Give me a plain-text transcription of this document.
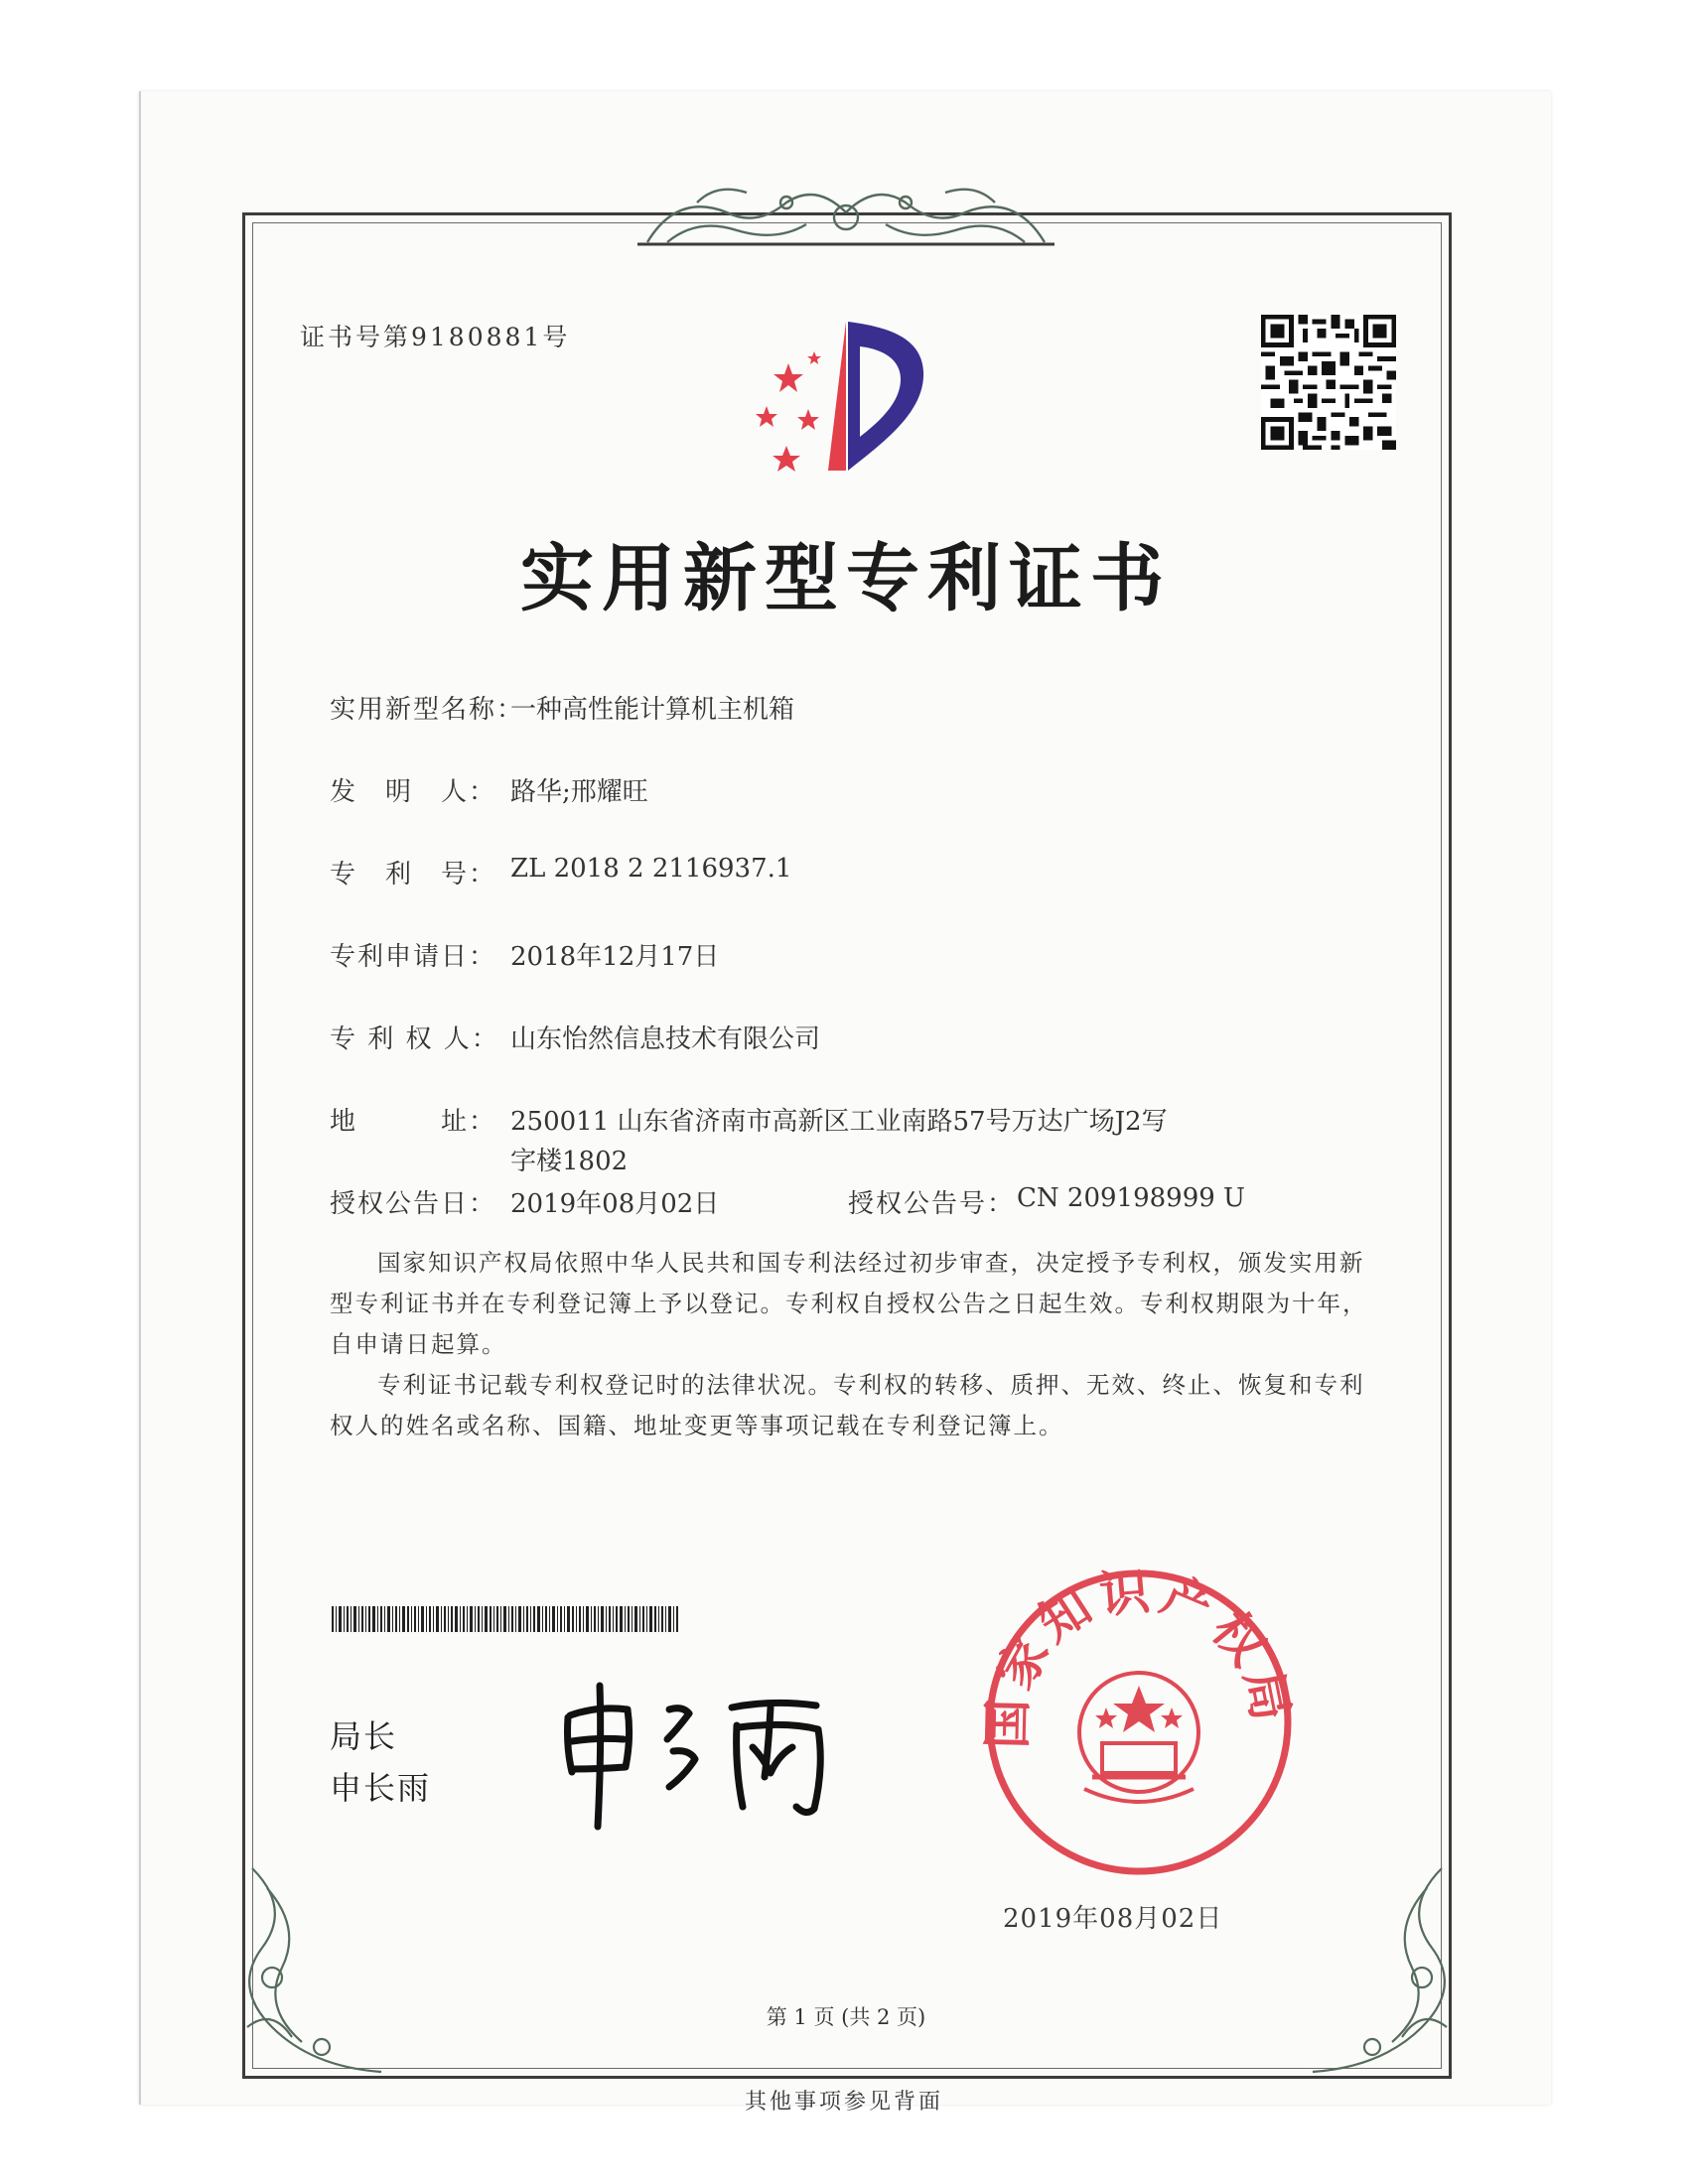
证书号第9180881号
实用新型专利证书
实用新型名称：
一种高性能计算机主机箱
发　明　人： 路华;邢耀旺
专　利　号： ZL 2018 2 2116937.1
专利申请日： 2018年12月17日
专 利 权 人： 山东怡然信息技术有限公司
地　　　址： 250011 山东省济南市高新区工业南路57号万达广场J2写
字楼1802
授权公告日： 2019年08月02日	授权公告号： CN 209198999 U
国家知识产权局依照中华人民共和国专利法经过初步审查，决定授予专利权，颁发实用新型专利证书并在专利登记簿上予以登记。专利权自授权公告之日起生效。专利权期限为十年，自申请日起算。
专利证书记载专利权登记时的法律状况。专利权的转移、质押、无效、终止、恢复和专利权人的姓名或名称、国籍、地址变更等事项记载在专利登记簿上。
局长
申长雨
国家知识产权局
2019年08月02日
第 1 页 (共 2 页)
其他事项参见背面
